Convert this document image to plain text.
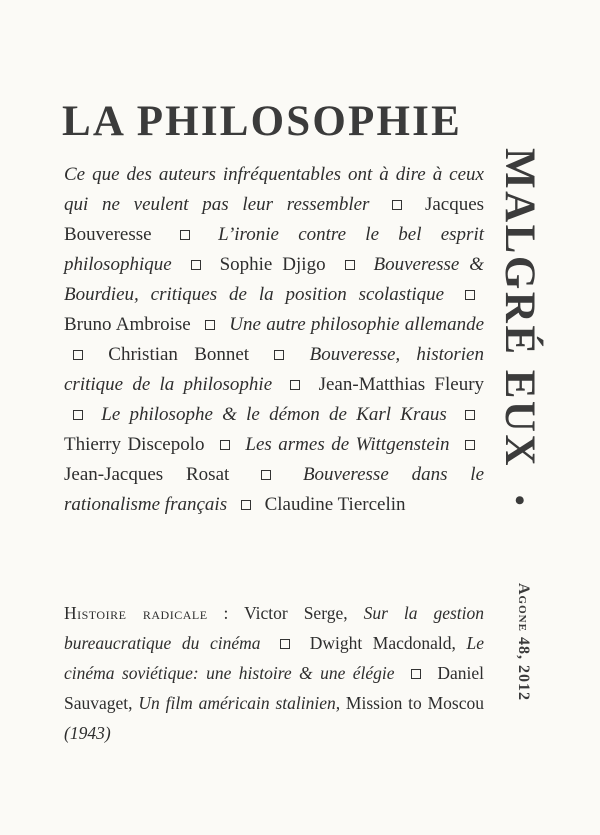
LA PHILOSOPHIE
MALGRÉ EUX •
Agone 48, 2012

Ce que des auteurs infréquentables ont à dire à ceux qui ne veulent pas leur ressembler	Jacques Bouveresse	L’ironie contre le bel esprit philosophique	Sophie Djigo	Bouveresse & Bourdieu, critiques de la position scolastique  Bruno Ambroise Une autre philosophie allemande  Christian Bonnet	Bouveresse, historien critique de la philosophie Jean-Matthias Fleury  Le philosophe & le démon de Karl Kraus  Thierry Discepolo Les armes de Wittgenstein  Jean-Jacques Rosat	Bouveresse dans le rationalisme français Claudine Tiercelin

Histoire radicale : Victor Serge, Sur la gestion bureaucratique du cinéma	Dwight Macdonald, Le cinéma soviétique: une histoire & une élégie Daniel Sauvaget, Un film américain stalinien, Mission to Moscou (1943)
